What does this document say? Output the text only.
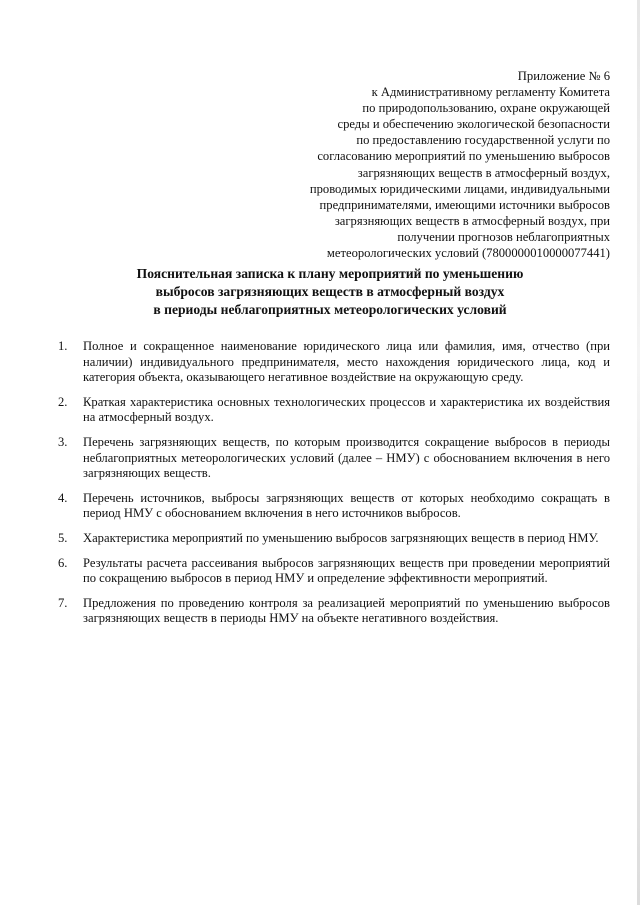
Приложение № 6
к Административному регламенту Комитета
по природопользованию, охране окружающей
среды и обеспечению экологической безопасности
по предоставлению государственной услуги по
согласованию мероприятий по уменьшению выбросов
загрязняющих веществ в атмосферный воздух,
проводимых юридическими лицами, индивидуальными
предпринимателями, имеющими источники выбросов
загрязняющих веществ в атмосферный воздух, при
получении прогнозов неблагоприятных
метеорологических условий (7800000010000077441)
Пояснительная записка к плану мероприятий по уменьшению
выбросов загрязняющих веществ в атмосферный воздух
в периоды неблагоприятных метеорологических условий
1. Полное и сокращенное наименование юридического лица или фамилия, имя, отчество (при наличии) индивидуального предпринимателя, место нахождения юридического лица, код и категория объекта, оказывающего негативное воздействие на окружающую среду.
2. Краткая характеристика основных технологических процессов и характеристика их воздействия на атмосферный воздух.
3. Перечень загрязняющих веществ, по которым производится сокращение выбросов в периоды неблагоприятных метеорологических условий (далее – НМУ) с обоснованием включения в него загрязняющих веществ.
4. Перечень источников, выбросы загрязняющих веществ от которых необходимо сокращать в период НМУ с обоснованием включения в него источников выбросов.
5. Характеристика мероприятий по уменьшению выбросов загрязняющих веществ в период НМУ.
6. Результаты расчета рассеивания выбросов загрязняющих веществ при проведении мероприятий по сокращению выбросов в период НМУ и определение эффективности мероприятий.
7. Предложения по проведению контроля за реализацией мероприятий по уменьшению выбросов загрязняющих веществ в периоды НМУ на объекте негативного воздействия.
